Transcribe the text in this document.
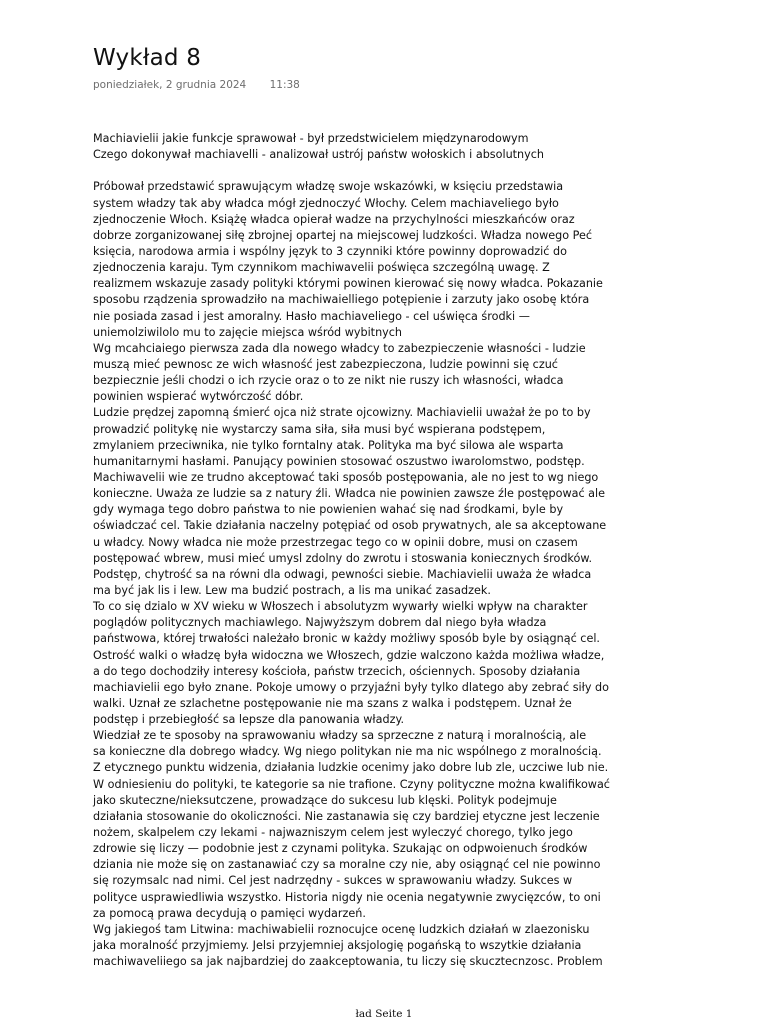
Wykład 8
poniedziałek, 2 grudnia 2024 11:38
Machiavielii jakie funkcje sprawował - był przedstwicielem międzynarodowym
Czego dokonywał machiavelli - analizował ustrój państw wołoskich i absolutnych
Próbował przedstawić sprawującym władzę swoje wskazówki, w księciu przedstawia
system władzy tak aby władca mógł zjednoczyć Włochy. Celem machiaveliego było
zjednoczenie Włoch. Książę władca opierał wadze na przychylności mieszkańców oraz
dobrze zorganizowanej siłę zbrojnej opartej na miejscowej ludzkości. Władza nowego Peć
księcia, narodowa armia i wspólny język to 3 czynniki które powinny doprowadzić do
zjednoczenia karaju. Tym czynnikom machiwavelii poświęca szczególną uwagę. Z
realizmem wskazuje zasady polityki którymi powinen kierować się nowy władca. Pokazanie
sposobu rządzenia sprowadziło na machiwaielliego potępienie i zarzuty jako osobę która
nie posiada zasad i jest amoralny. Hasło machiaveliego - cel uświęca środki —
uniemolziwilolo mu to zajęcie miejsca wśród wybitnych
Wg mcahciaiego pierwsza zada dla nowego władcy to zabezpieczenie własności - ludzie
muszą mieć pewnosc ze wich własność jest zabezpieczona, ludzie powinni się czuć
bezpiecznie jeśli chodzi o ich rzycie oraz o to ze nikt nie ruszy ich własności, władca
powinien wspierać wytwórczość dóbr.
Ludzie prędzej zapomną śmierć ojca niż strate ojcowizny. Machiavielii uważał że po to by
prowadzić politykę nie wystarczy sama siła, siła musi być wspierana podstępem,
zmylaniem przeciwnika, nie tylko forntalny atak. Polityka ma być silowa ale wsparta
humanitarnymi hasłami. Panujący powinien stosować oszustwo iwarolomstwo, podstęp.
Machiwavelii wie ze trudno akceptować taki sposób postępowania, ale no jest to wg niego
konieczne. Uważa ze ludzie sa z natury źli. Władca nie powinien zawsze źle postępować ale
gdy wymaga tego dobro państwa to nie powienien wahać się nad środkami, byle by
oświadczać cel. Takie działania naczelny potępiać od osob prywatnych, ale sa akceptowane
u władcy. Nowy władca nie może przestrzegac tego co w opinii dobre, musi on czasem
postępować wbrew, musi mieć umysl zdolny do zwrotu i stoswania koniecznych środków.
Podstęp, chytrość sa na równi dla odwagi, pewności siebie. Machiavielii uważa że władca
ma być jak lis i lew. Lew ma budzić postrach, a lis ma unikać zasadzek.
To co się dzialo w XV wieku w Włoszech i absolutyzm wywarły wielki wpływ na charakter
poglądów politycznych machiawlego. Najwyższym dobrem dal niego była władza
państwowa, której trwałości należało bronic w każdy możliwy sposób byle by osiągnąć cel.
Ostrość walki o władzę była widoczna we Włoszech, gdzie walczono każda możliwa władze,
a do tego dochodziły interesy kościoła, państw trzecich, ościennych. Sposoby działania
machiavielii ego było znane. Pokoje umowy o przyjaźni były tylko dlatego aby zebrać siły do
walki. Uznał ze szlachetne postępowanie nie ma szans z walka i podstępem. Uznał że
podstęp i przebiegłość sa lepsze dla panowania władzy.
Wiedział ze te sposoby na sprawowaniu władzy sa sprzeczne z naturą i moralnością, ale
sa konieczne dla dobrego władcy. Wg niego politykan nie ma nic wspólnego z moralnością.
Z etycznego punktu widzenia, działania ludzkie ocenimy jako dobre lub zle, uczciwe lub nie.
W odniesieniu do polityki, te kategorie sa nie trafione. Czyny polityczne można kwalifikować
jako skuteczne/nieksutczene, prowadzące do sukcesu lub klęski. Polityk podejmuje
działania stosowanie do okoliczności. Nie zastanawia się czy bardziej etyczne jest leczenie
nożem, skalpelem czy lekami - najwazniszym celem jest wyleczyć chorego, tylko jego
zdrowie się liczy — podobnie jest z czynami polityka. Szukając on odpwoienuch środków
dziania nie może się on zastanawiać czy sa moralne czy nie, aby osiągnąć cel nie powinno
się rozymsalc nad nimi. Cel jest nadrzędny - sukces w sprawowaniu władzy. Sukces w
polityce usprawiedliwia wszystko. Historia nigdy nie ocenia negatywnie zwycięzców, to oni
za pomocą prawa decydują o pamięci wydarzeń.
Wg jakiegoś tam Litwina: machiwabielii roznocujce ocenę ludzkich działań w zlaezonisku
jaka moralność przyjmiemy. Jelsi przyjemniej aksjologię pogańską to wszytkie działania
machiwaveliiego sa jak najbardziej do zaakceptowania, tu liczy się skucztecnzosc. Problem
ład Seite 1
